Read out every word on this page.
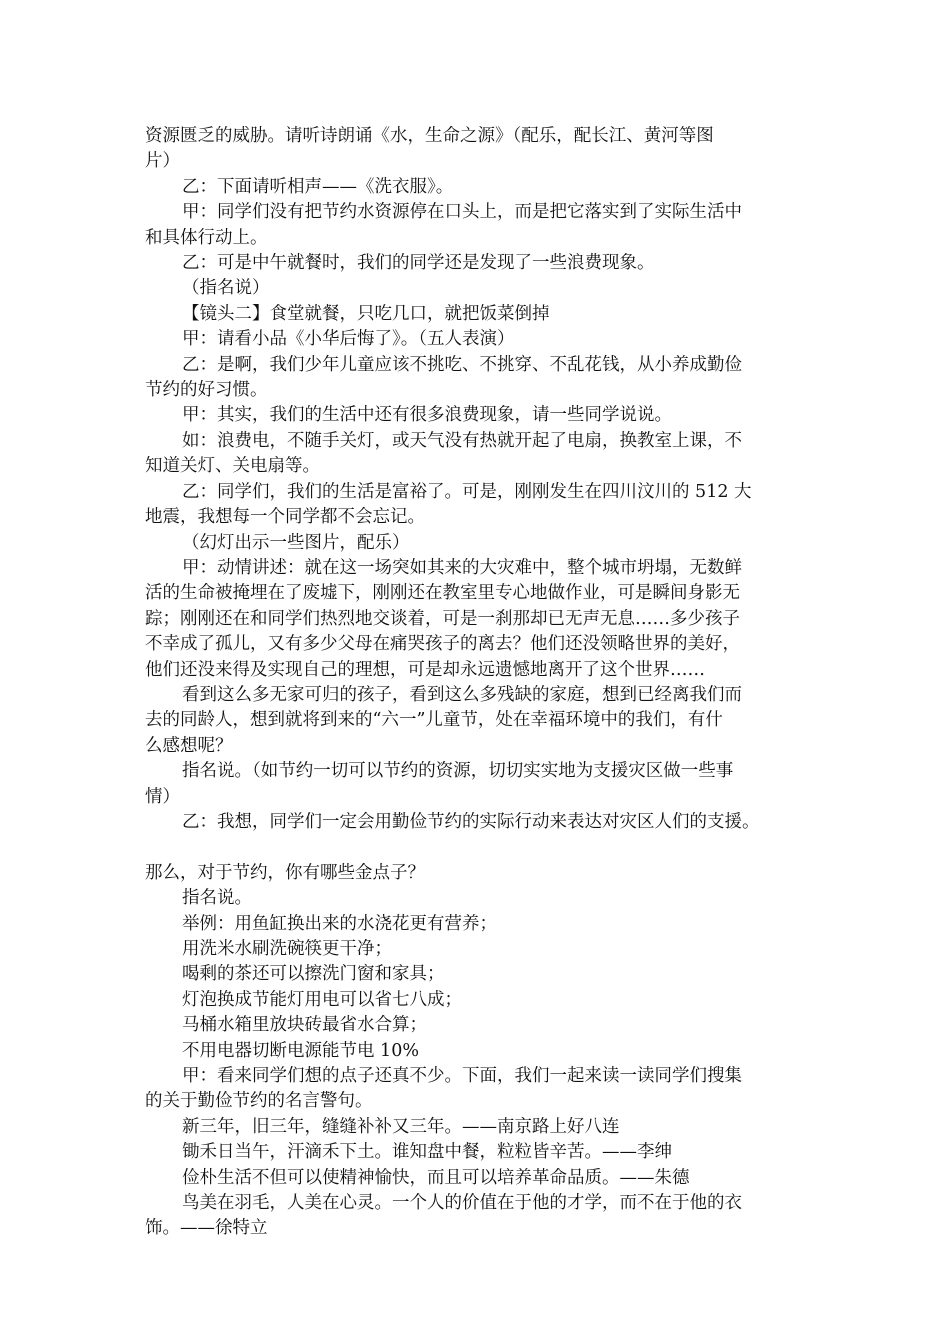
资源匮乏的威胁。请听诗朗诵《水，生命之源》（配乐，配长江、黄河等图

片）

乙：下面请听相声——《洗衣服》。

甲：同学们没有把节约水资源停在口头上，而是把它落实到了实际生活中

和具体行动上。

乙：可是中午就餐时，我们的同学还是发现了一些浪费现象。

（指名说）

【镜头二】食堂就餐，只吃几口，就把饭菜倒掉

甲：请看小品《小华后悔了》。（五人表演）

乙：是啊，我们少年儿童应该不挑吃、不挑穿、不乱花钱，从小养成勤俭

节约的好习惯。

甲：其实，我们的生活中还有很多浪费现象，请一些同学说说。

如：浪费电，不随手关灯，或天气没有热就开起了电扇，换教室上课，不

知道关灯、关电扇等。

乙：同学们，我们的生活是富裕了。可是，刚刚发生在四川汶川的 512 大

地震，我想每一个同学都不会忘记。

（幻灯出示一些图片，配乐）

甲：动情讲述：就在这一场突如其来的大灾难中，整个城市坍塌，无数鲜

活的生命被掩埋在了废墟下，刚刚还在教室里专心地做作业，可是瞬间身影无

踪；刚刚还在和同学们热烈地交谈着，可是一刹那却已无声无息……多少孩子

不幸成了孤儿，又有多少父母在痛哭孩子的离去？他们还没领略世界的美好，

他们还没来得及实现自己的理想，可是却永远遗憾地离开了这个世界……

看到这么多无家可归的孩子，看到这么多残缺的家庭，想到已经离我们而

去的同龄人，想到就将到来的“六一”儿童节，处在幸福环境中的我们，有什

么感想呢？

指名说。（如节约一切可以节约的资源，切切实实地为支援灾区做一些事

情）

乙：我想，同学们一定会用勤俭节约的实际行动来表达对灾区人们的支援。

那么，对于节约，你有哪些金点子？

指名说。

举例：用鱼缸换出来的水浇花更有营养；

用洗米水刷洗碗筷更干净；

喝剩的茶还可以擦洗门窗和家具；

灯泡换成节能灯用电可以省七八成；

马桶水箱里放块砖最省水合算；

不用电器切断电源能节电 10%

甲：看来同学们想的点子还真不少。下面，我们一起来读一读同学们搜集

的关于勤俭节约的名言警句。

新三年，旧三年，缝缝补补又三年。——南京路上好八连

锄禾日当午，汗滴禾下土。谁知盘中餐，粒粒皆辛苦。——李绅

俭朴生活不但可以使精神愉快，而且可以培养革命品质。——朱德

鸟美在羽毛，人美在心灵。一个人的价值在于他的才学，而不在于他的衣

饰。——徐特立
